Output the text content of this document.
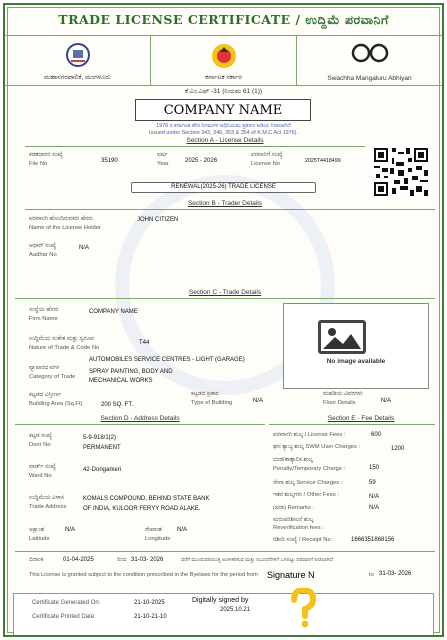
TRADE LICENSE CERTIFICATE / ಉದ್ದಿಮೆ ಪರವಾನಿಗೆ
ಮಹಾನಗರಪಾಲಿಕೆ, ಮಂಗಳೂರು	ಕರ್ನಾಟಕ ಸರ್ಕಾರ	Swachha Mangaluru Abhiyan
ಕೆ.ಎಂ.ಎಫ್ -31 (ನಿಯಮ 61 (1))
COMPANY NAME
1976 ರ ಕರ್ನಾಟಕ ಪೌರ ನಿಗಮಗಳ ಅಧಿನಿಯಮ ಪ್ರಕರಣ ಅಡಿಯ ನೀಡಲಾಗಿದೆ
Issued under Section 343, 346, 353 & 354 of K.M.C Act 1976).
Section A - License Details
ಕಡತದಾರರ ಸಂಖ್ಯೆ
File No	35190
ವರ್ಷ
Year	2025 - 2026
ಪರವಾನಿಗೆ ಸಂಖ್ಯೆ
License No	2025T4418499
RENEWAL(2025-26) TRADE LICENSE
Section B - Trader Details
ಪರವಾನಗಿ ಹೊಂದಿರುವವರ ಹೆಸರು
Name of the License Holder
JOHN CITIZEN
ಆಧಾರ್ ಸಂಖ್ಯೆ
Aadhar No
N/A
Section C - Trade Details
ಸಂಸ್ಥೆಯ ಹೆಸರು
Firm Name
COMPANY NAME
ಉದ್ದಿಮೆಯ ಸಂಕೇತ ಮತ್ತು ಸ್ವರೂಪ
Nature of Trade & Code No
T44
AUTOMOBILES SERVICE CENTRES - LIGHT (GARAGE)
ವ್ಯಾಪಾರದ ವರ್ಗ
Category of Trade
SPRAY PAINTING, BODY AND
MECHANICAL WORKS
ಕಟ್ಟಡದ ವಿಸ್ತೀರ್ಣ
Building Area (Sq.Ft)	200 SQ. FT.
ಕಟ್ಟಡದ ಪ್ರಕಾರ
Type of Building	N/A
ಮಹಡಿಯ ವಿವರಗಳು
Floor Details	N/A
No image available
Section D - Address Details
ಕಟ್ಟಡ ಸಂಖ್ಯೆ
Door No
5-9-918/1(2)
PERMANENT
ವಾರ್ಡ್ ಸಂಖ್ಯೆ
Ward No
42-Dongarkeri
ಉದ್ದಿಮೆಯ ವಿಳಾಸ
Trade Address
KOMALS COMPOUND, BEHIND STATE BANK
OF INDIA, KULOOR FERYY ROAD ALAKE.
ಅಕ್ಷಾಂಶ
Latitude
N/A	ರೇಖಾಂಶ
Longitude
N/A
Section E - Fee Details
ಪರವಾನಗಿ ಶುಲ್ಕ / License Fees :	600
ಘನ ತ್ಯಾಜ್ಯ ಶುಲ್ಕ SWM User Charges :	1200
ದಂಡ/ತಾತ್ಕಾಲಿಕ ಶುಲ್ಕ
Penalty/Temporary Charge :	150
ಸೇವಾ ಶುಲ್ಕ Service Charges :	59
ಇತರ ಶುಲ್ಕಗಳು / Other Fees :	N/A
(ಷರಾ) Remarks :	N/A
ಮರುಪರಿಶೀಲನೆ ಶುಲ್ಕ
Reverification fees :
ರಶೀದಿ ಸಂಖ್ಯೆ / Receipt No :	1666351868156
ದಿನಾಂಕ	01-04-2025	ರಿಂದ 31-03- 2026	ವರೆಗೆ ಮುಂದುವರಿಯುತ್ತ ಅಂಗೀಕರಿಸುವ ಮತ್ತು ನಿಬಂಧನೆಗಳಿಗೆ ಒಳಪಟ್ಟು ಪರವಾನಿಗೆ ನೀಡಲಾಗಿದೆ
This License is granted subject to the condition prescribed in the Byelaws for the period from	to 31-03- 2026
Signature N
Certificate Generated On:	21-10-2025
Certificate Printed Date:	21-10-21-10
Digitally signed by
2025.10.21
